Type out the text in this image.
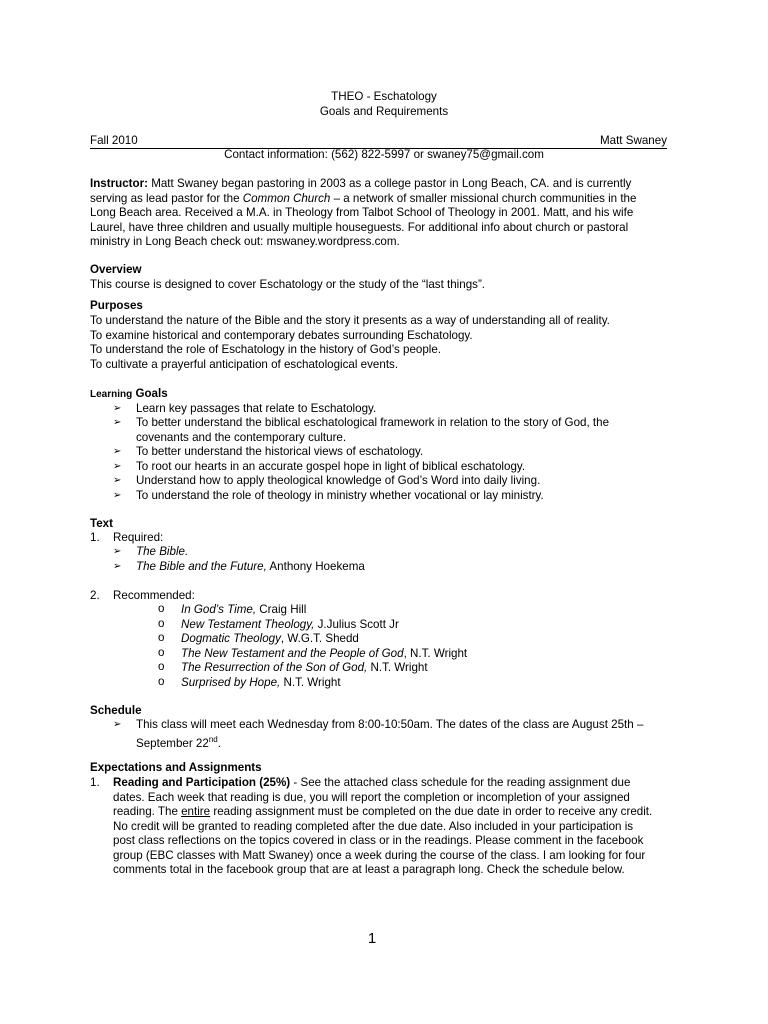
THEO - Eschatology
Goals and Requirements
Fall 2010	Matt Swaney
Contact information: (562) 822-5997 or swaney75@gmail.com
Instructor: Matt Swaney began pastoring in 2003 as a college pastor in Long Beach, CA. and is currently
serving as lead pastor for the Common Church – a network of smaller missional church communities in the
Long Beach area. Received a M.A. in Theology from Talbot School of Theology in 2001. Matt, and his wife
Laurel, have three children and usually multiple houseguests. For additional info about church or pastoral
ministry in Long Beach check out: mswaney.wordpress.com.
Overview
This course is designed to cover Eschatology or the study of the “last things”.
Purposes
To understand the nature of the Bible and the story it presents as a way of understanding all of reality.
To examine historical and contemporary debates surrounding Eschatology.
To understand the role of Eschatology in the history of God’s people.
To cultivate a prayerful anticipation of eschatological events.
Learning Goals
➢ Learn key passages that relate to Eschatology.
➢ To better understand the biblical eschatological framework in relation to the story of God, the covenants and the contemporary culture.
➢ To better understand the historical views of eschatology.
➢ To root our hearts in an accurate gospel hope in light of biblical eschatology.
➢ Understand how to apply theological knowledge of God’s Word into daily living.
➢ To understand the role of theology in ministry whether vocational or lay ministry.
Text
1. Required:
➢ The Bible.
➢ The Bible and the Future, Anthony Hoekema
2. Recommended:
o In God’s Time, Craig Hill
o New Testament Theology, J.Julius Scott Jr
o Dogmatic Theology, W.G.T. Shedd
o The New Testament and the People of God, N.T. Wright
o The Resurrection of the Son of God, N.T. Wright
o Surprised by Hope, N.T. Wright
Schedule
➢ This class will meet each Wednesday from 8:00-10:50am. The dates of the class are August 25th –
September 22nd.
Expectations and Assignments
1. Reading and Participation (25%) - See the attached class schedule for the reading assignment due
dates. Each week that reading is due, you will report the completion or incompletion of your assigned
reading. The entire reading assignment must be completed on the due date in order to receive any credit.
No credit will be granted to reading completed after the due date. Also included in your participation is
post class reflections on the topics covered in class or in the readings. Please comment in the facebook
group (EBC classes with Matt Swaney) once a week during the course of the class. I am looking for four
comments total in the facebook group that are at least a paragraph long. Check the schedule below.
1
